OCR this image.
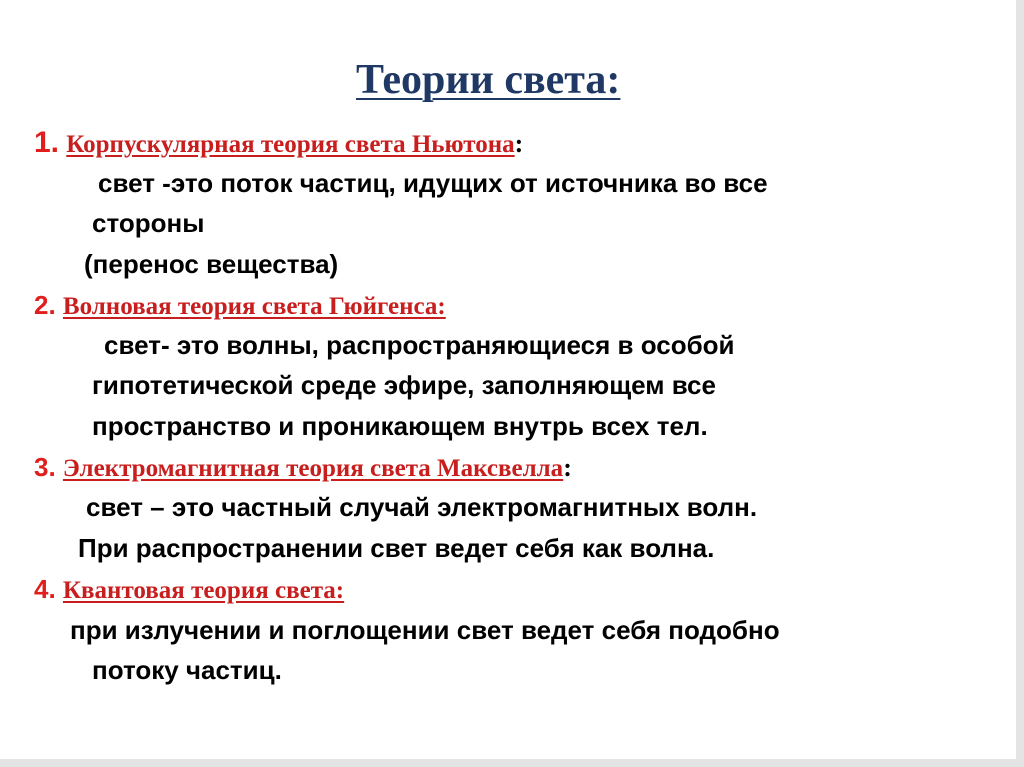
Теории света:
1. Корпускулярная теория света Ньютона:
свет -это поток частиц, идущих от источника во все
стороны
(перенос вещества)
2. Волновая теория света Гюйгенса:
свет- это волны, распространяющиеся в особой
гипотетической среде эфире, заполняющем все
пространство и проникающем внутрь всех тел.
3. Электромагнитная теория света Максвелла:
свет – это частный случай электромагнитных волн.
При распространении свет ведет себя как волна.
4. Квантовая теория света:
при излучении и поглощении свет ведет себя подобно
потоку частиц.
